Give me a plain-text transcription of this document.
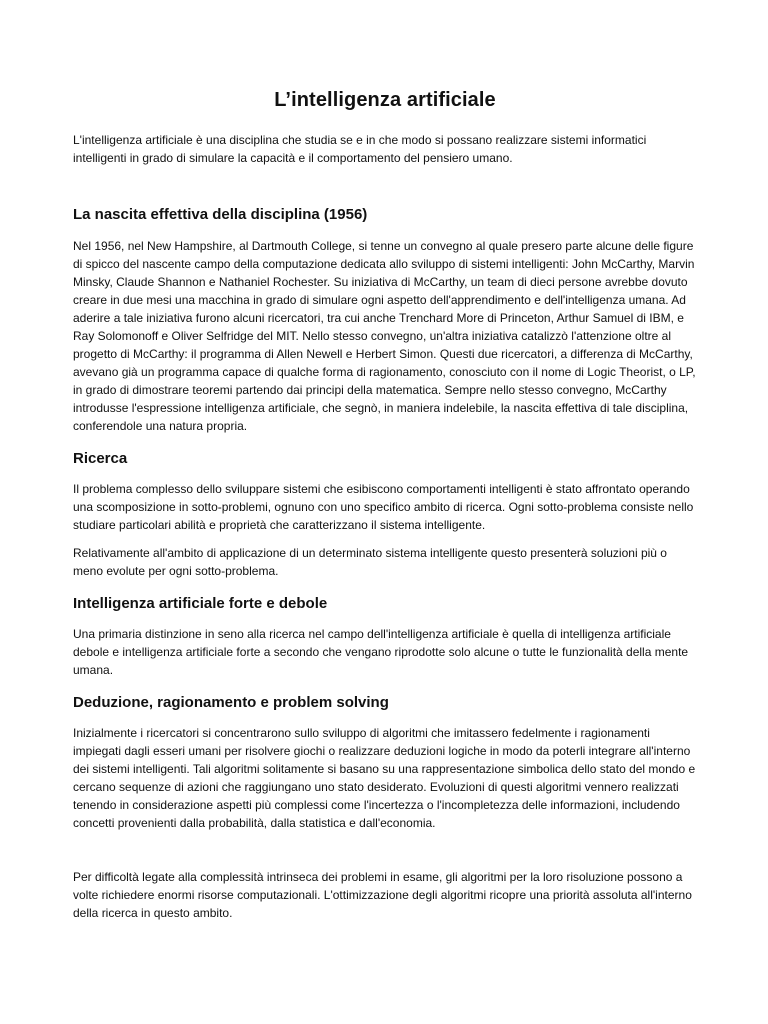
L’intelligenza artificiale

L'intelligenza artificiale è una disciplina che studia se e in che modo si possano realizzare sistemi informatici intelligenti in grado di simulare la capacità e il comportamento del pensiero umano.

La nascita effettiva della disciplina (1956)

Nel 1956, nel New Hampshire, al Dartmouth College, si tenne un convegno al quale presero parte alcune delle figure di spicco del nascente campo della computazione dedicata allo sviluppo di sistemi intelligenti: John McCarthy, Marvin Minsky, Claude Shannon e Nathaniel Rochester. Su iniziativa di McCarthy, un team di dieci persone avrebbe dovuto creare in due mesi una macchina in grado di simulare ogni aspetto dell'apprendimento e dell'intelligenza umana. Ad aderire a tale iniziativa furono alcuni ricercatori, tra cui anche Trenchard More di Princeton, Arthur Samuel di IBM, e Ray Solomonoff e Oliver Selfridge del MIT. Nello stesso convegno, un'altra iniziativa catalizzò l'attenzione oltre al progetto di McCarthy: il programma di Allen Newell e Herbert Simon. Questi due ricercatori, a differenza di McCarthy, avevano già un programma capace di qualche forma di ragionamento, conosciuto con il nome di Logic Theorist, o LP, in grado di dimostrare teoremi partendo dai principi della matematica. Sempre nello stesso convegno, McCarthy introdusse l'espressione intelligenza artificiale, che segnò, in maniera indelebile, la nascita effettiva di tale disciplina, conferendole una natura propria.

Ricerca

Il problema complesso dello sviluppare sistemi che esibiscono comportamenti intelligenti è stato affrontato operando una scomposizione in sotto-problemi, ognuno con uno specifico ambito di ricerca. Ogni sotto-problema consiste nello studiare particolari abilità e proprietà che caratterizzano il sistema intelligente.

Relativamente all'ambito di applicazione di un determinato sistema intelligente questo presenterà soluzioni più o meno evolute per ogni sotto-problema.

Intelligenza artificiale forte e debole

Una primaria distinzione in seno alla ricerca nel campo dell'intelligenza artificiale è quella di intelligenza artificiale debole e intelligenza artificiale forte a secondo che vengano riprodotte solo alcune o tutte le funzionalità della mente umana.

Deduzione, ragionamento e problem solving

Inizialmente i ricercatori si concentrarono sullo sviluppo di algoritmi che imitassero fedelmente i ragionamenti impiegati dagli esseri umani per risolvere giochi o realizzare deduzioni logiche in modo da poterli integrare all'interno dei sistemi intelligenti. Tali algoritmi solitamente si basano su una rappresentazione simbolica dello stato del mondo e cercano sequenze di azioni che raggiungano uno stato desiderato. Evoluzioni di questi algoritmi vennero realizzati tenendo in considerazione aspetti più complessi come l'incertezza o l'incompletezza delle informazioni, includendo concetti provenienti dalla probabilità, dalla statistica e dall'economia.

Per difficoltà legate alla complessità intrinseca dei problemi in esame, gli algoritmi per la loro risoluzione possono a volte richiedere enormi risorse computazionali. L'ottimizzazione degli algoritmi ricopre una priorità assoluta all'interno della ricerca in questo ambito.
